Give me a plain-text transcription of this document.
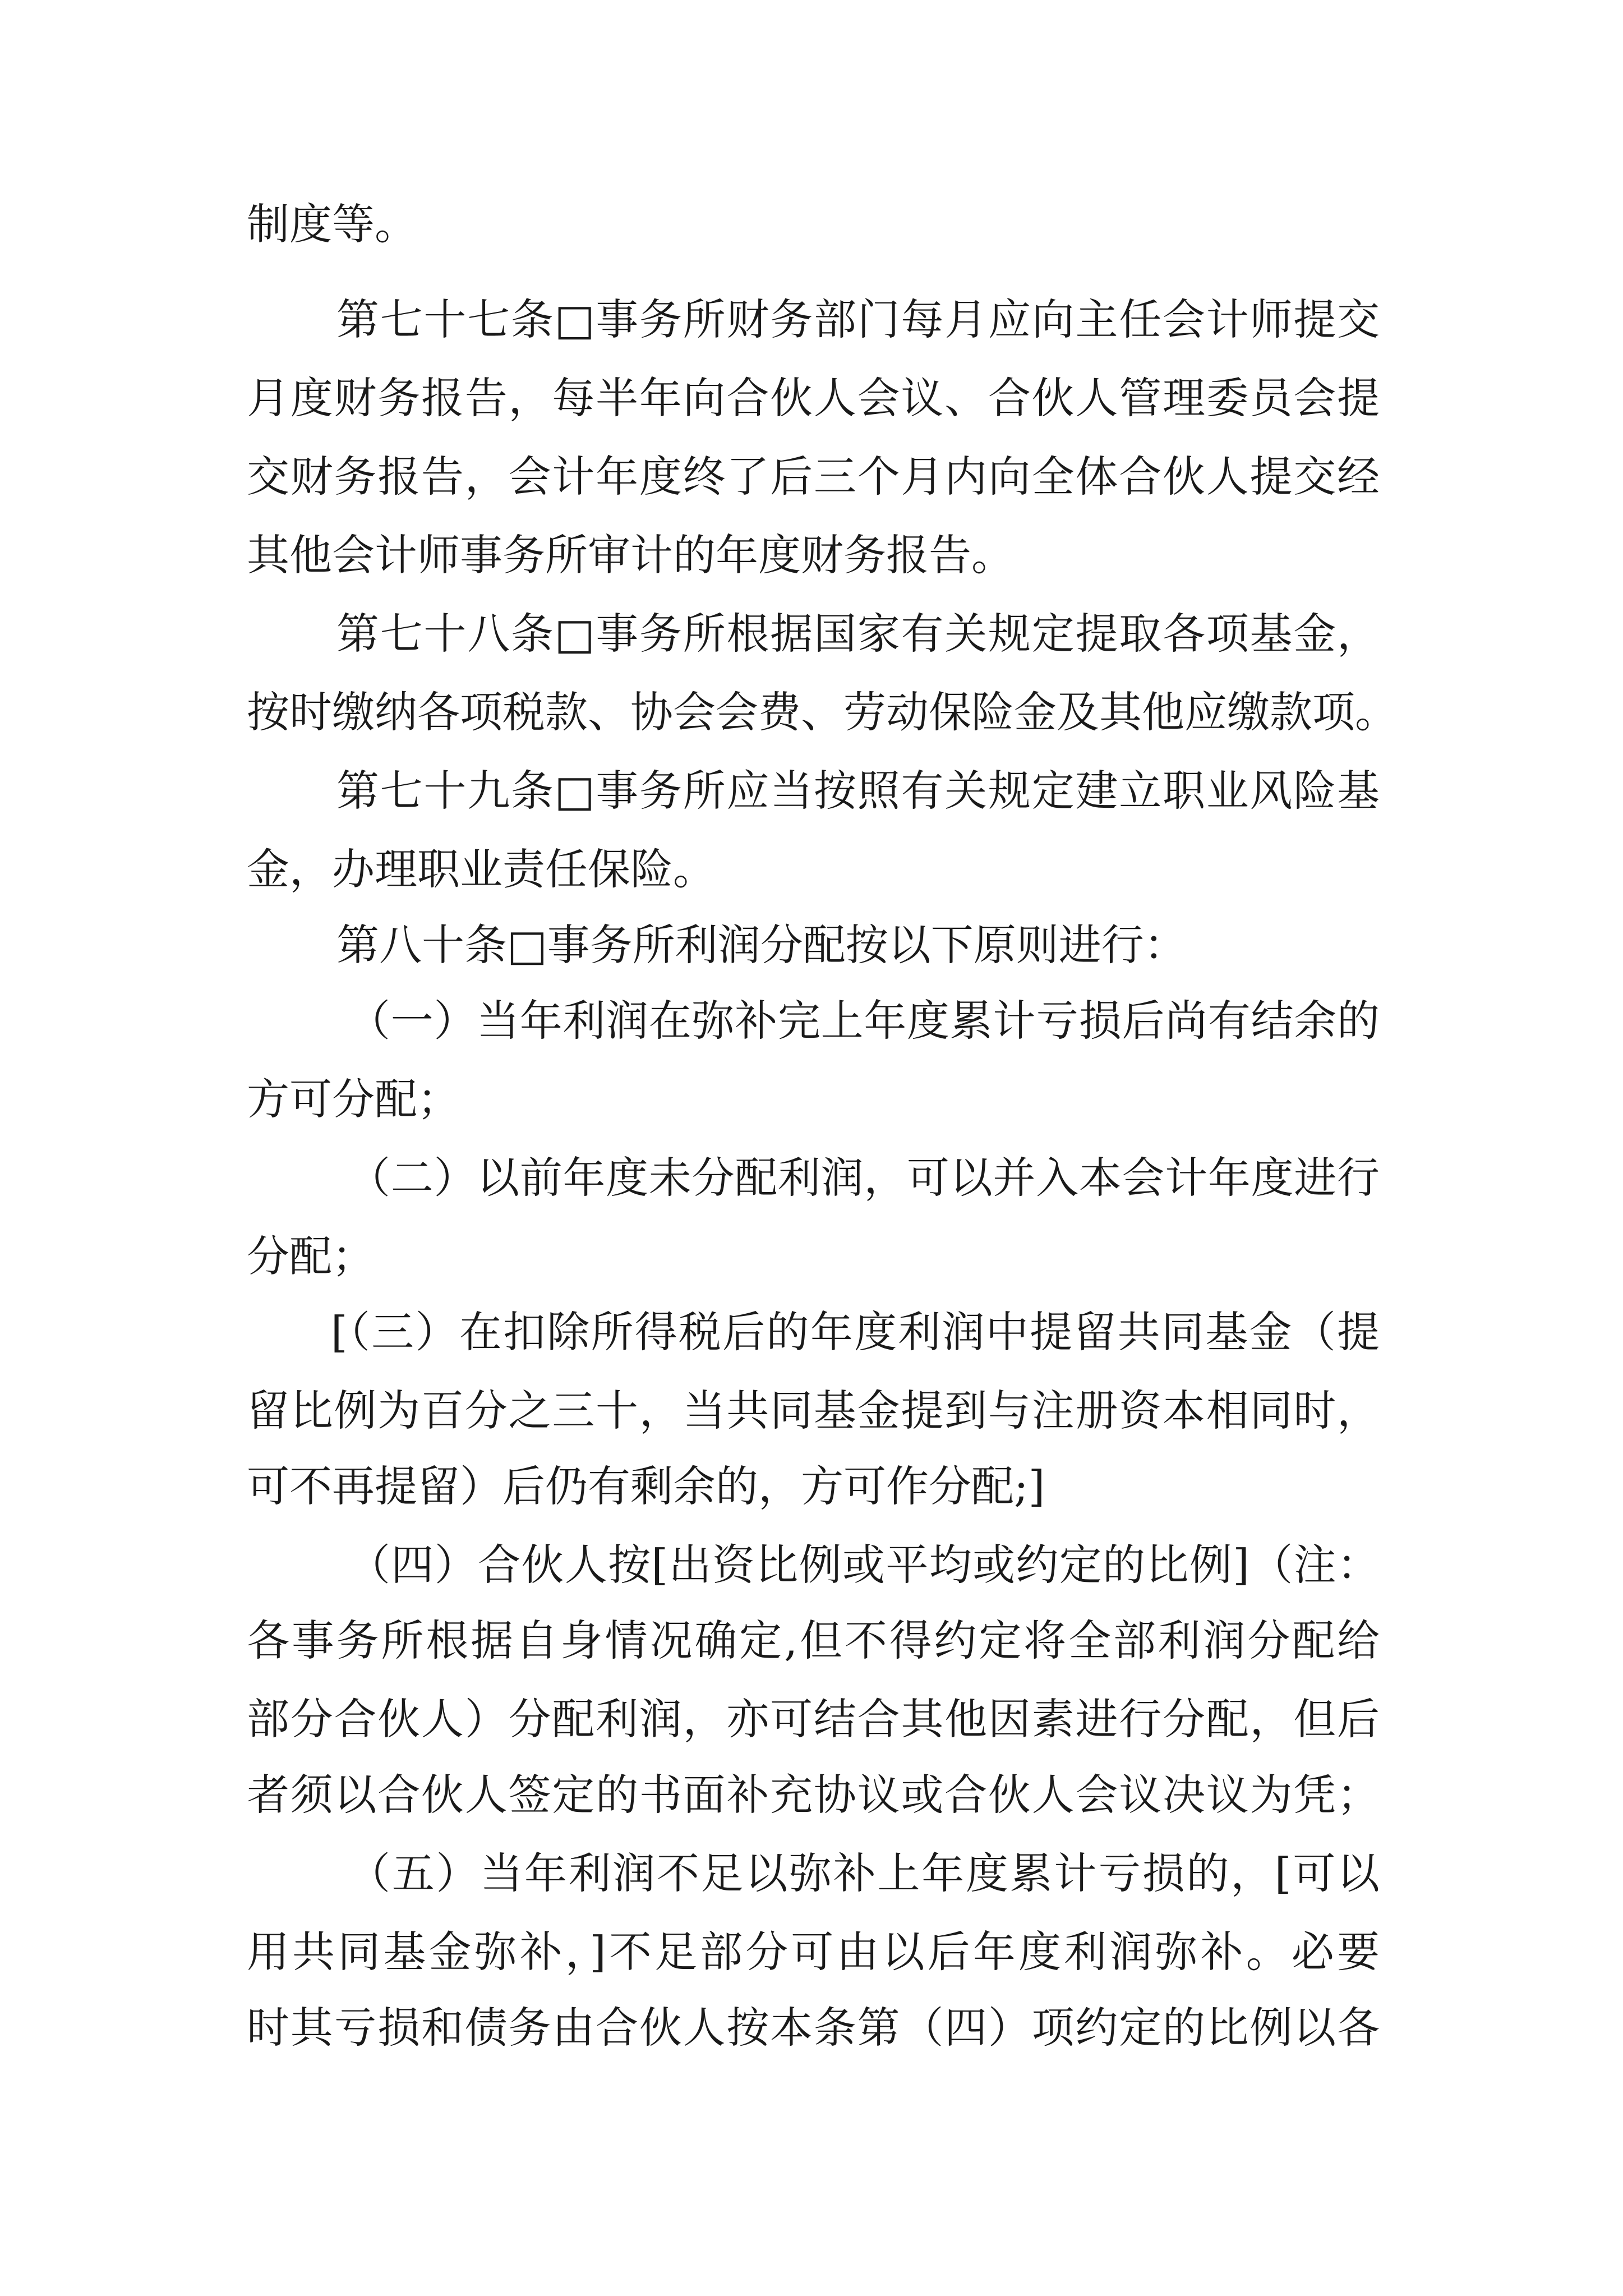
制度等。
第七十七条□事务所财务部门每月应向主任会计师提交
月度财务报告，每半年向合伙人会议、合伙人管理委员会提
交财务报告，会计年度终了后三个月内向全体合伙人提交经
其他会计师事务所审计的年度财务报告。
第七十八条□事务所根据国家有关规定提取各项基金，
按时缴纳各项税款、协会会费、劳动保险金及其他应缴款项。
第七十九条□事务所应当按照有关规定建立职业风险基
金，办理职业责任保险。
第八十条□事务所利润分配按以下原则进行：
（一）当年利润在弥补完上年度累计亏损后尚有结余的
方可分配；
（二）以前年度未分配利润，可以并入本会计年度进行
分配；
[（三）在扣除所得税后的年度利润中提留共同基金（提
留比例为百分之三十，当共同基金提到与注册资本相同时，
可不再提留）后仍有剩余的，方可作分配;]
（四）合伙人按[出资比例或平均或约定的比例]（注：
各事务所根据自身情况确定,但不得约定将全部利润分配给
部分合伙人）分配利润，亦可结合其他因素进行分配，但后
者须以合伙人签定的书面补充协议或合伙人会议决议为凭；
（五）当年利润不足以弥补上年度累计亏损的，[可以
用共同基金弥补，]不足部分可由以后年度利润弥补。必要
时其亏损和债务由合伙人按本条第（四）项约定的比例以各
